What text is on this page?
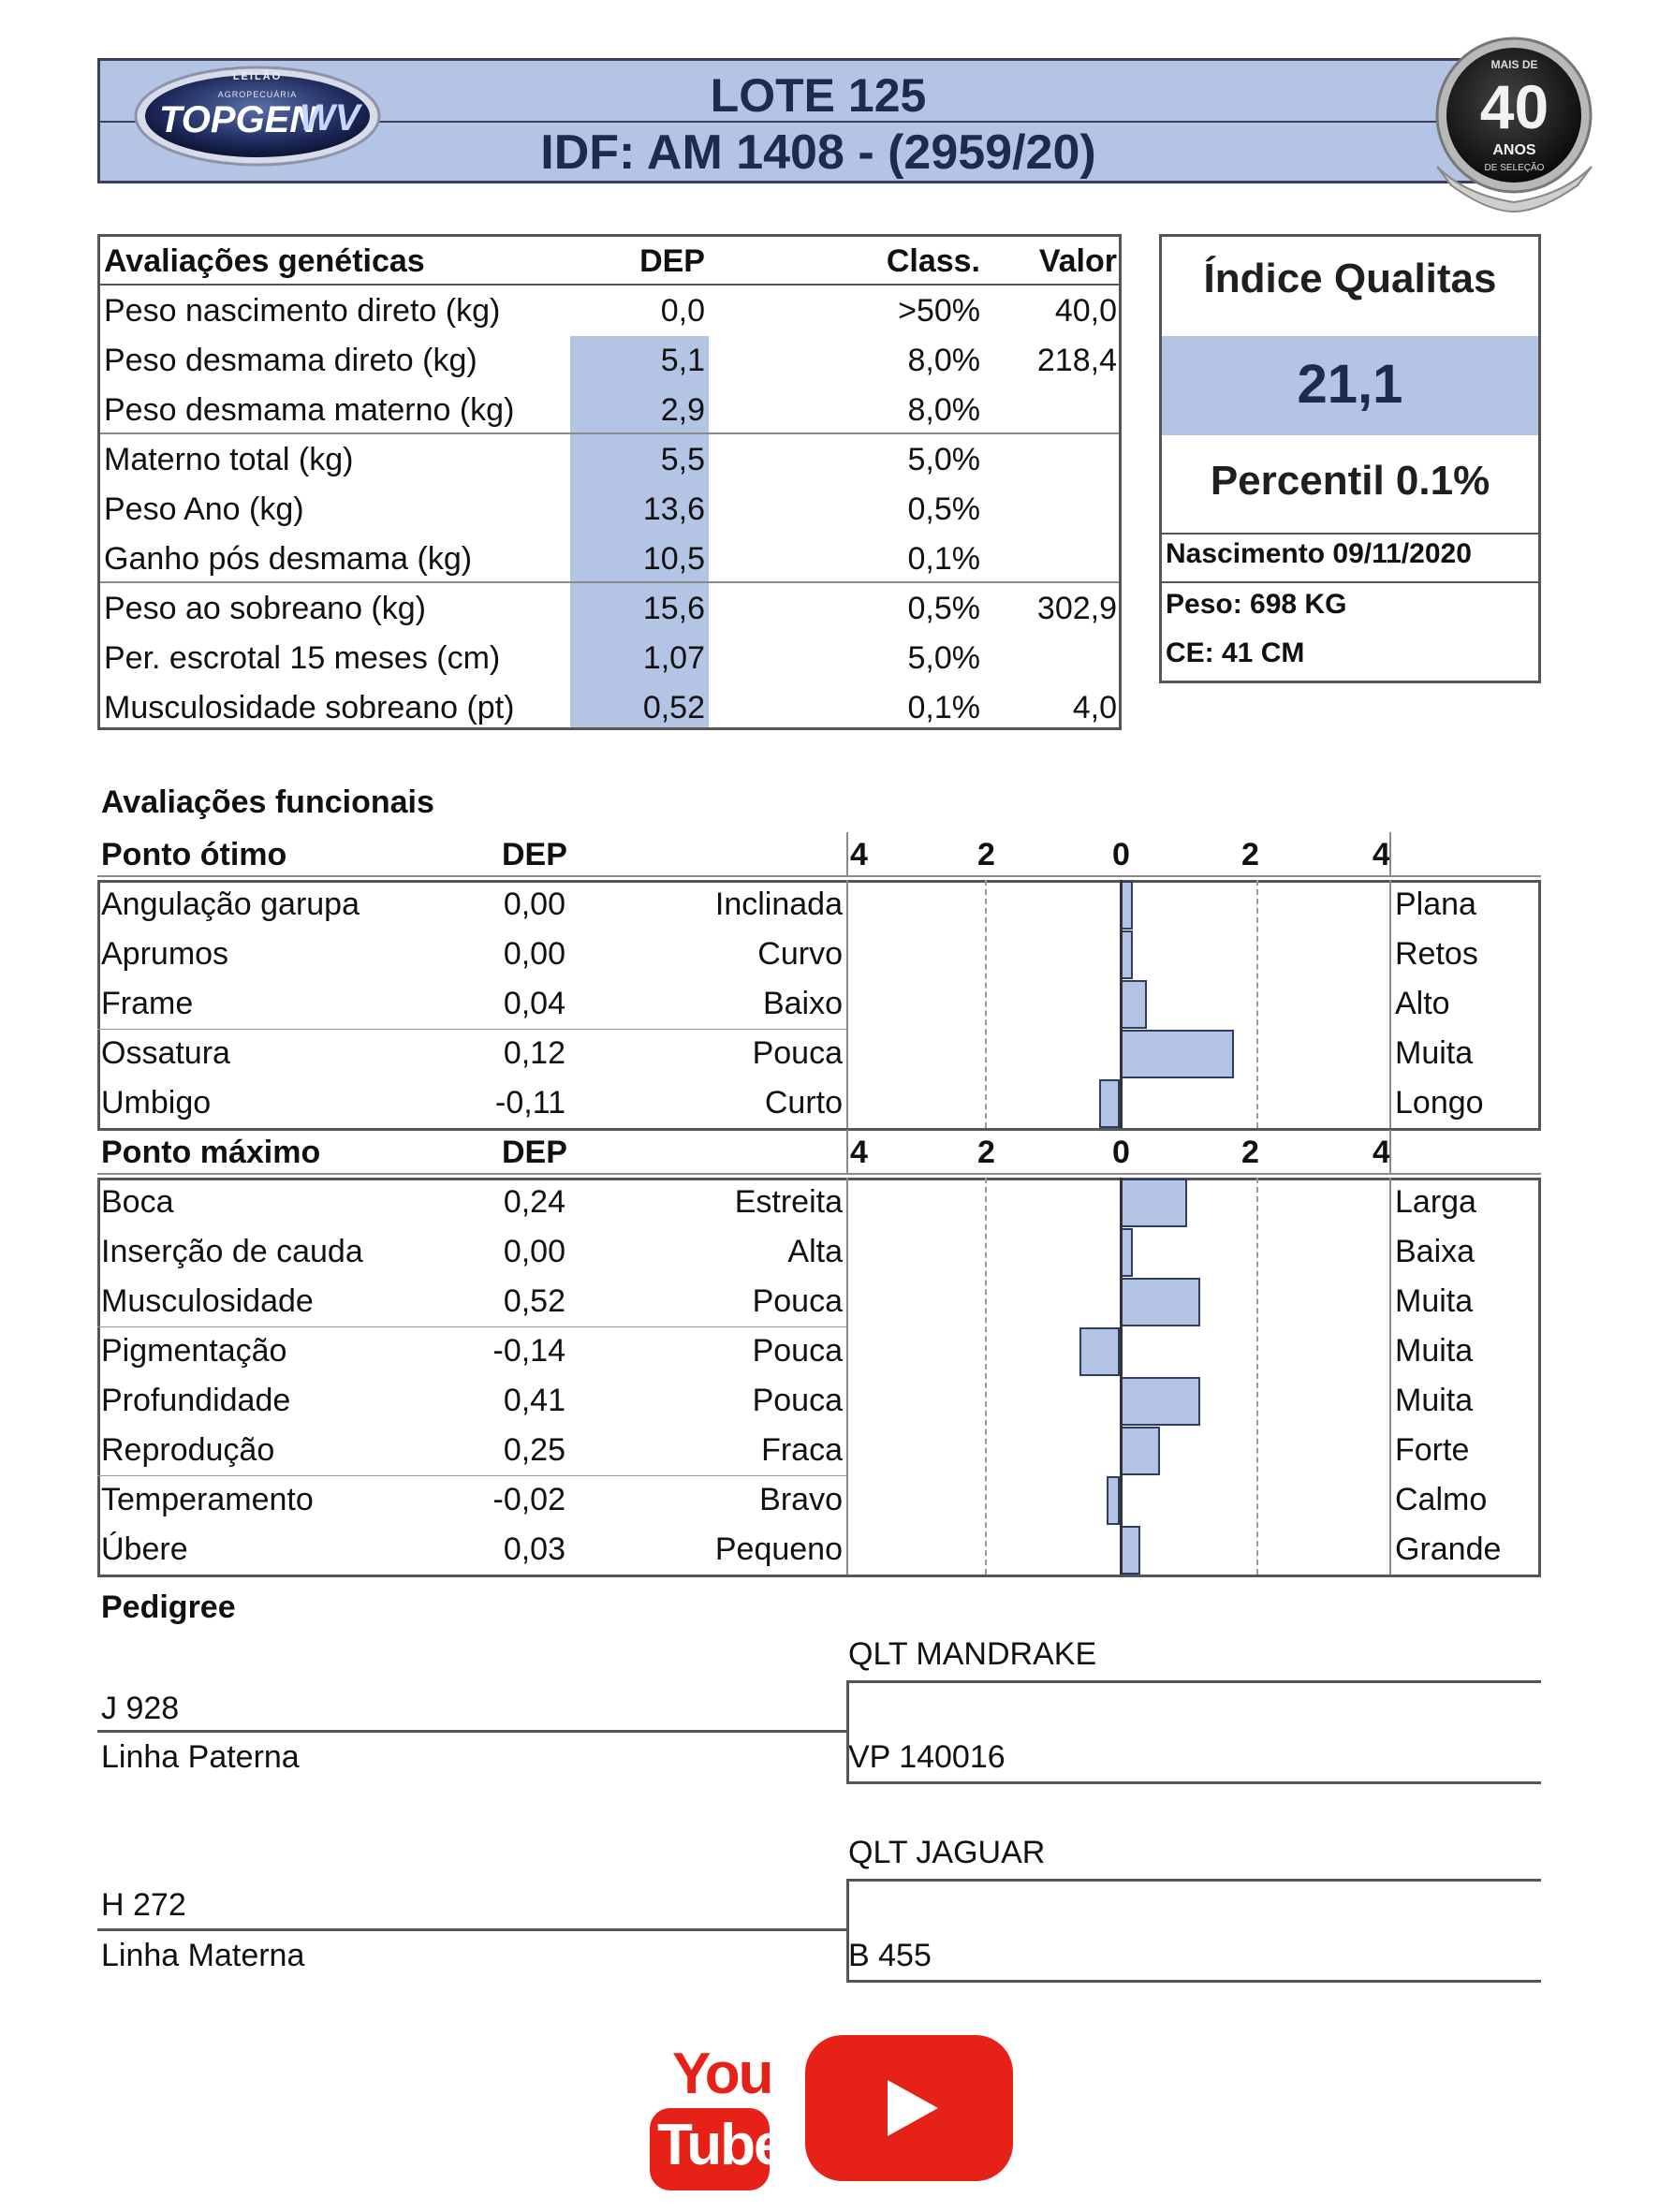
LOTE 125
IDF: AM 1408 - (2959/20)
LEILÃO
AGROPECUÁRIA
TOPGEN
WV
MAIS DE
40
ANOS
DE SELEÇÃO
Avaliações genéticas	DEP	Class.	Valor
Peso nascimento direto (kg)	0,0	>50%	40,0
Peso desmama direto (kg)	5,1	8,0%	218,4
Peso desmama materno (kg)	2,9	8,0%
Materno total (kg)	5,5	5,0%
Peso Ano (kg)	13,6	0,5%
Ganho pós desmama (kg)	10,5	0,1%
Peso ao sobreano (kg)	15,6	0,5%	302,9
Per. escrotal 15 meses (cm)	1,07	5,0%
Musculosidade sobreano (pt)	0,52	0,1%	4,0
Índice Qualitas
21,1
Percentil 0.1%
Nascimento 09/11/2020
Peso: 698 KG
CE: 41 CM
Avaliações funcionais
Ponto ótimo	DEP	4	2	0	2	4
Angulação garupa	0,00	Inclinada	Plana
Aprumos	0,00	Curvo	Retos
Frame	0,04	Baixo	Alto
Ossatura	0,12	Pouca	Muita
Umbigo	-0,11	Curto	Longo
Ponto máximo	DEP	4	2	0	2	4
Boca	0,24	Estreita	Larga
Inserção de cauda	0,00	Alta	Baixa
Musculosidade	0,52	Pouca	Muita
Pigmentação	-0,14	Pouca	Muita
Profundidade	0,41	Pouca	Muita
Reprodução	0,25	Fraca	Forte
Temperamento	-0,02	Bravo	Calmo
Úbere	0,03	Pequeno	Grande
Pedigree
QLT MANDRAKE
J 928
Linha Paterna	VP 140016
QLT JAGUAR
H 272
Linha Materna	B 455
You
Tube
